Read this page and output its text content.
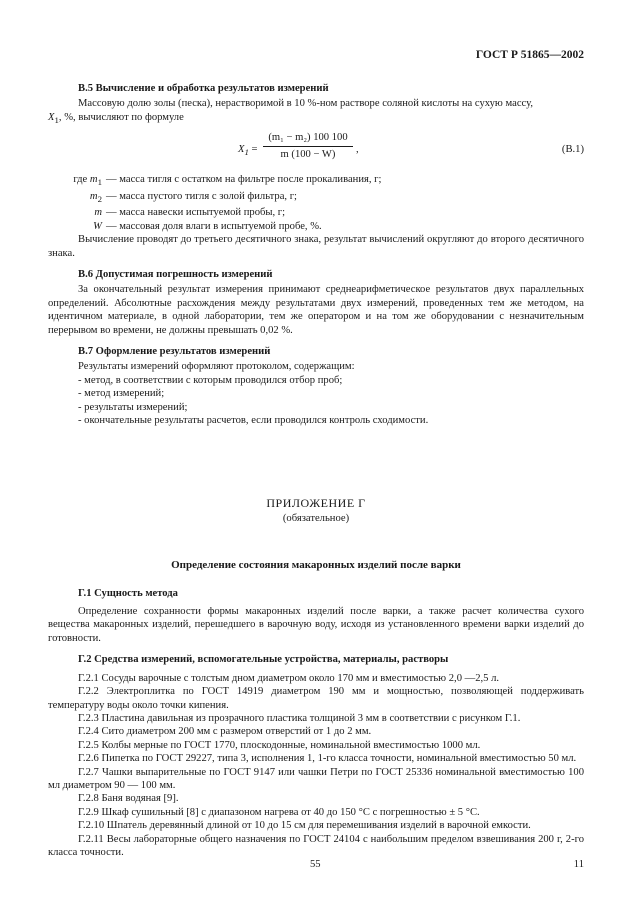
ГОСТ Р 51865—2002
В.5 Вычисление и обработка результатов измерений

Массовую долю золы (песка), нерастворимой в 10 %-ном растворе соляной кислоты на сухую массу,

$X_1$, %, вычисляют по формуле

$X_1 = \frac{\text{(m₁ − m₂) 100 100}}{m (100 - W)}$ ,	(В.1)
где $m_1$ — масса тигля с остатком на фильтре после прокаливания, г;
$m_2$ — масса пустого тигля с золой фильтра, г;
m — масса навески испытуемой пробы, г;
W — массовая доля влаги в испытуемой пробе, %.

Вычисление проводят до третьего десятичного знака, результат вычислений округляют до второго десятичного знака.

В.6 Допустимая погрешность измерений

За окончательный результат измерения принимают среднеарифметическое результатов двух параллельных определений. Абсолютные расхождения между результатами двух измерений, проведенных тем же методом, на идентичном материале, в одной лаборатории, тем же оператором и на том же оборудовании с незначительным перерывом во времени, не должны превышать 0,02 %.

В.7 Оформление результатов измерений

Результаты измерений оформляют протоколом, содержащим:

- метод, в соответствии с которым проводился отбор проб;

- метод измерений;

- результаты измерений;

- окончательные результаты расчетов, если проводился контроль сходимости.

ПРИЛОЖЕНИЕ Г
(обязательное)
Определение состояния макаронных изделий после варки
Г.1 Сущность метода

Определение сохранности формы макаронных изделий после варки, а также расчет количества сухого вещества макаронных изделий, перешедшего в варочную воду, исходя из установленного времени варки изделий до готовности.

Г.2 Средства измерений, вспомогательные устройства, материалы, растворы

Г.2.1 Сосуды варочные с толстым дном диаметром около 170 мм и вместимостью 2,0 —2,5 л.

Г.2.2 Электроплитка по ГОСТ 14919 диаметром 190 мм и мощностью, позволяющей поддерживать температуру воды около точки кипения.

Г.2.3 Пластина давильная из прозрачного пластика толщиной 3 мм в соответствии с рисунком Г.1.

Г.2.4 Сито диаметром 200 мм с размером отверстий от 1 до 2 мм.

Г.2.5 Колбы мерные по ГОСТ 1770, плоскодонные, номинальной вместимостью 1000 мл.

Г.2.6 Пипетка по ГОСТ 29227, типа 3, исполнения 1, 1-го класса точности, номинальной вместимостью 50 мл.

Г.2.7 Чашки выпарительные по ГОСТ 9147 или чашки Петри по ГОСТ 25336 номинальной вместимостью 100 мл диаметром 90 — 100 мм.

Г.2.8 Баня водяная [9].

Г.2.9 Шкаф сушильный [8] с диапазоном нагрева от 40 до 150 °С с погрешностью ± 5 °С.

Г.2.10 Шпатель деревянный длиной от 10 до 15 см для перемешивания изделий в варочной емкости.

Г.2.11 Весы лабораторные общего назначения по ГОСТ 24104 с наибольшим пределом взвешивания 200 г, 2-го класса точности.

55	11
